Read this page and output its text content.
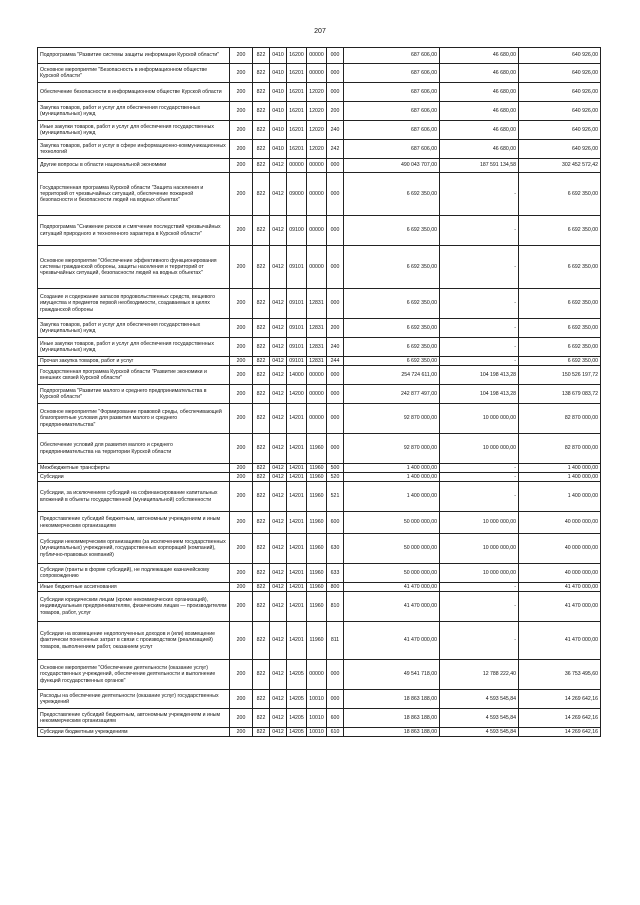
207
Подпрограмма "Развитие системы защиты информации Курской области"	200	822	0410	16200	00000	000	687 606,00	46 680,00	640 926,00
Основное мероприятие "Безопасность в информационном обществе Курской области"	200	822	0410	16201	00000	000	687 606,00	46 680,00	640 926,00
Обеспечение безопасности в информационном обществе Курской области	200	822	0410	16201	12020	000	687 606,00	46 680,00	640 926,00
Закупка товаров, работ и услуг для обеспечения государственных (муниципальных) нужд	200	822	0410	16201	12020	200	687 606,00	46 680,00	640 926,00
Иные закупки товаров, работ и услуг для обеспечения государственных (муниципальных) нужд	200	822	0410	16201	12020	240	687 606,00	46 680,00	640 926,00
Закупка товаров, работ и услуг в сфере информационно-коммуникационных технологий	200	822	0410	16201	12020	242	687 606,00	46 680,00	640 926,00
Другие вопросы в области национальной экономики	200	822	0412	00000	00000	000	490 043 707,00	187 591 134,58	302 452 572,42
Государственная программа Курской области "Защита населения и территорий от чрезвычайных ситуаций, обеспечение пожарной безопасности и безопасности людей на водных объектах"	200	822	0412	09000	00000	000	6 692 350,00	-	6 692 350,00
Подпрограмма "Снижение рисков и смягчение последствий чрезвычайных ситуаций природного и техногенного характера в Курской области"	200	822	0412	09100	00000	000	6 692 350,00	-	6 692 350,00
Основное мероприятие "Обеспечение эффективного функционирования системы гражданской обороны, защиты населения и территорий от чрезвычайных ситуаций, безопасности людей на водных объектах"	200	822	0412	09101	00000	000	6 692 350,00	-	6 692 350,00
Создание и содержание запасов продовольственных средств, вещевого имущества и предметов первой необходимости, создаваемых в целях гражданской обороны	200	822	0412	09101	12831	000	6 692 350,00	-	6 692 350,00
Закупка товаров, работ и услуг для обеспечения государственных (муниципальных) нужд	200	822	0412	09101	12831	200	6 692 350,00	-	6 692 350,00
Иные закупки товаров, работ и услуг для обеспечения государственных (муниципальных) нужд	200	822	0412	09101	12831	240	6 692 350,00	-	6 692 350,00
Прочая закупка товаров, работ и услуг	200	822	0412	09101	12831	244	6 692 350,00	-	6 692 350,00
Государственная программа Курской области "Развитие экономики и внешних связей Курской области"	200	822	0412	14000	00000	000	254 724 611,00	104 198 413,28	150 526 197,72
Подпрограмма "Развитие малого и среднего предпринимательства в Курской области"	200	822	0412	14200	00000	000	242 877 497,00	104 198 413,28	138 679 083,72
Основное мероприятие "Формирование правовой среды, обеспечивающей благоприятные условия для развития малого и среднего предпринимательства"	200	822	0412	14201	00000	000	92 870 000,00	10 000 000,00	82 870 000,00
Обеспечение условий для развития малого и среднего предпринимательства на территории Курской области	200	822	0412	14201	11960	000	92 870 000,00	10 000 000,00	82 870 000,00
Межбюджетные трансферты	200	822	0412	14201	11960	500	1 400 000,00	-	1 400 000,00
Субсидии	200	822	0412	14201	11960	520	1 400 000,00	-	1 400 000,00
Субсидии, за исключением субсидий на софинансирование капитальных вложений в объекты государственной (муниципальной) собственности	200	822	0412	14201	11960	521	1 400 000,00	-	1 400 000,00
Предоставление субсидий бюджетным, автономным учреждениям и иным некоммерческим организациям	200	822	0412	14201	11960	600	50 000 000,00	10 000 000,00	40 000 000,00
Субсидии некоммерческим организациям (за исключением государственных (муниципальных) учреждений, государственных корпораций (компаний), публично-правовых компаний)	200	822	0412	14201	11960	630	50 000 000,00	10 000 000,00	40 000 000,00
Субсидии (гранты в форме субсидий), не подлежащие казначейскому сопровождению	200	822	0412	14201	11960	633	50 000 000,00	10 000 000,00	40 000 000,00
Иные бюджетные ассигнования	200	822	0412	14201	11960	800	41 470 000,00	-	41 470 000,00
Субсидии юридическим лицам (кроме некоммерческих организаций), индивидуальным предпринимателям, физическим лицам — производителям товаров, работ, услуг	200	822	0412	14201	11960	810	41 470 000,00	-	41 470 000,00
Субсидии на возмещение недополученных доходов и (или) возмещение фактически понесенных затрат в связи с производством (реализацией) товаров, выполнением работ, оказанием услуг	200	822	0412	14201	11960	811	41 470 000,00	-	41 470 000,00
Основное мероприятие "Обеспечение деятельности (оказание услуг) государственных учреждений, обеспечение деятельности и выполнение функций государственных органов"	200	822	0412	14205	00000	000	49 541 718,00	12 788 222,40	36 753 495,60
Расходы на обеспечение деятельности (оказание услуг) государственных учреждений	200	822	0412	14205	10010	000	18 863 188,00	4 593 545,84	14 269 642,16
Предоставление субсидий бюджетным, автономным учреждениям и иным некоммерческим организациям	200	822	0412	14205	10010	600	18 863 188,00	4 593 545,84	14 269 642,16
Субсидии бюджетным учреждениям	200	822	0412	14205	10010	610	18 863 188,00	4 593 545,84	14 269 642,16
